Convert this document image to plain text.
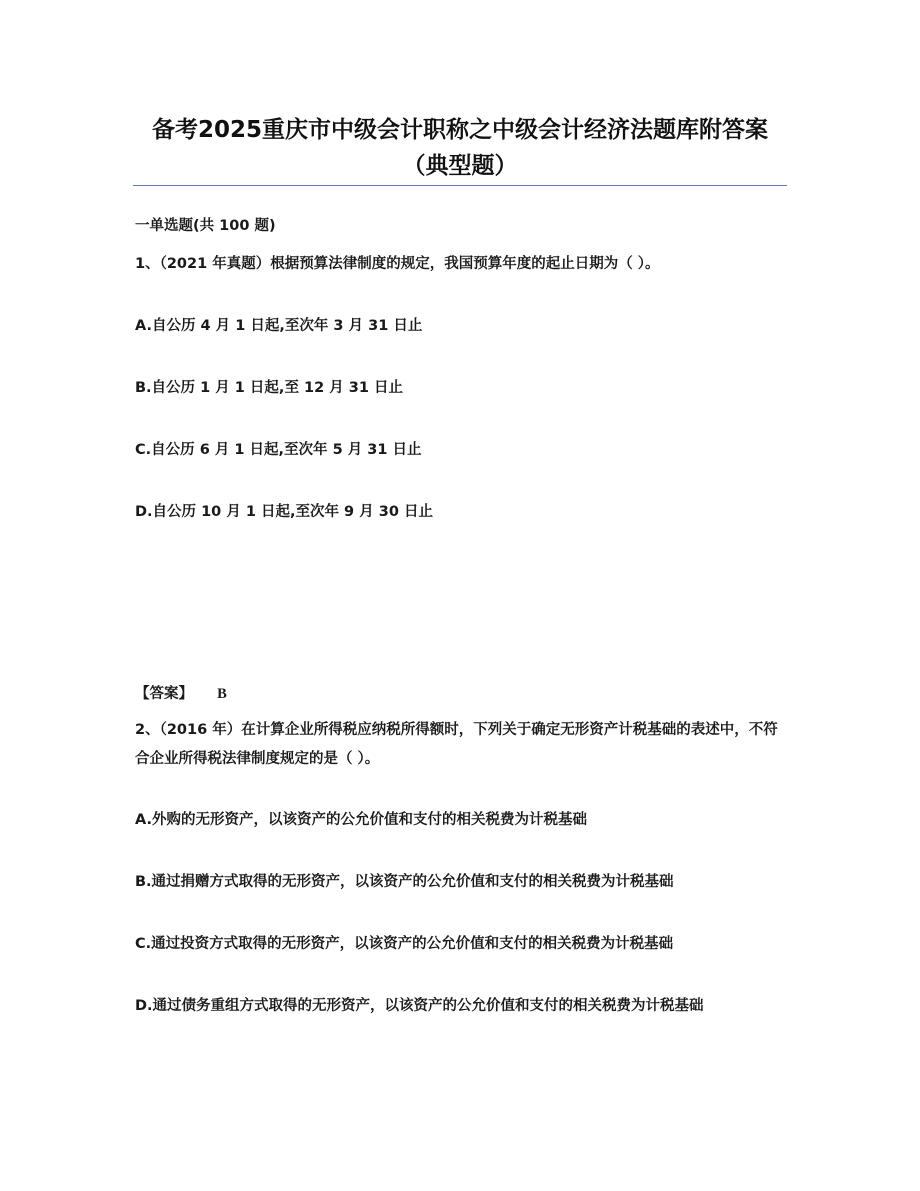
备考2025重庆市中级会计职称之中级会计经济法题库附答案（典型题）
一单选题(共 100 题)
1、（2021 年真题）根据预算法律制度的规定，我国预算年度的起止日期为（ ）。
A.自公历 4 月 1 日起,至次年 3 月 31 日止
B.自公历 1 月 1 日起,至 12 月 31 日止
C.自公历 6 月 1 日起,至次年 5 月 31 日止
D.自公历 10 月 1 日起,至次年 9 月 30 日止
【答案】 B
2、（2016 年）在计算企业所得税应纳税所得额时，下列关于确定无形资产计税基础的表述中，不符合企业所得税法律制度规定的是（ ）。
A.外购的无形资产，以该资产的公允价值和支付的相关税费为计税基础
B.通过捐赠方式取得的无形资产，以该资产的公允价值和支付的相关税费为计税基础
C.通过投资方式取得的无形资产，以该资产的公允价值和支付的相关税费为计税基础
D.通过债务重组方式取得的无形资产，以该资产的公允价值和支付的相关税费为计税基础
